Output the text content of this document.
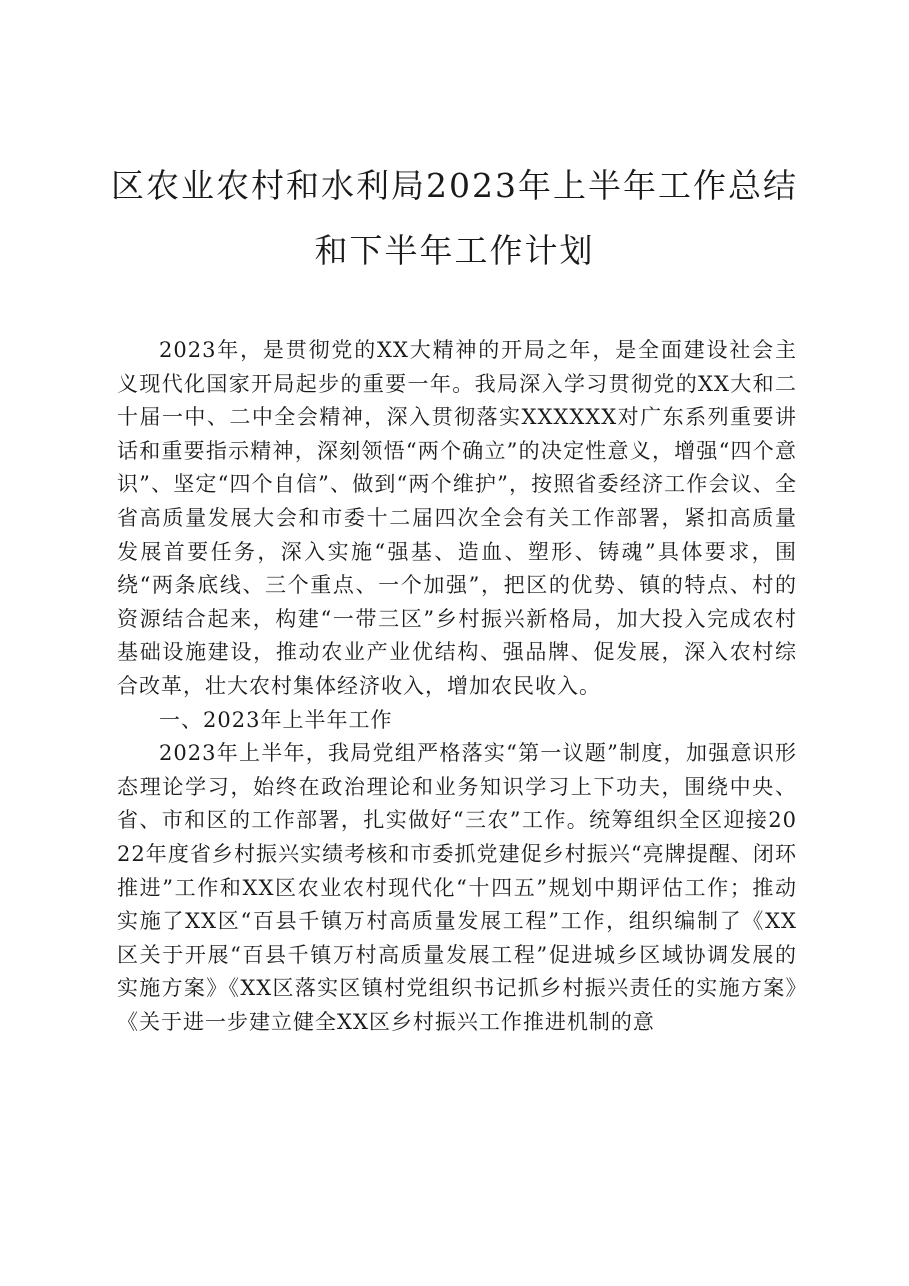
区农业农村和水利局2023年上半年工作总结
和下半年工作计划

2023年，是贯彻党的XX大精神的开局之年，是全面建设社会主义现代化国家开局起步的重要一年。我局深入学习贯彻党的XX大和二十届一中、二中全会精神，深入贯彻落实XXXXXX对广东系列重要讲话和重要指示精神，深刻领悟“两个确立”的决定性意义，增强“四个意识”、坚定“四个自信”、做到“两个维护”，按照省委经济工作会议、全省高质量发展大会和市委十二届四次全会有关工作部署，紧扣高质量发展首要任务，深入实施“强基、造血、塑形、铸魂”具体要求，围绕“两条底线、三个重点、一个加强”，把区的优势、镇的特点、村的资源结合起来，构建“一带三区”乡村振兴新格局，加大投入完成农村基础设施建设，推动农业产业优结构、强品牌、促发展，深入农村综合改革，壮大农村集体经济收入，增加农民收入。

一、2023年上半年工作

2023年上半年，我局党组严格落实“第一议题”制度，加强意识形态理论学习，始终在政治理论和业务知识学习上下功夫，围绕中央、省、市和区的工作部署，扎实做好“三农”工作。统筹组织全区迎接2022年度省乡村振兴实绩考核和市委抓党建促乡村振兴“亮牌提醒、闭环推进”工作和XX区农业农村现代化“十四五”规划中期评估工作；推动实施了XX区“百县千镇万村高质量发展工程”工作，组织编制了《XX区关于开展“百县千镇万村高质量发展工程”促进城乡区域协调发展的实施方案》《XX区落实区镇村党组织书记抓乡村振兴责任的实施方案》《关于进一步建立健全XX区乡村振兴工作推进机制的意
